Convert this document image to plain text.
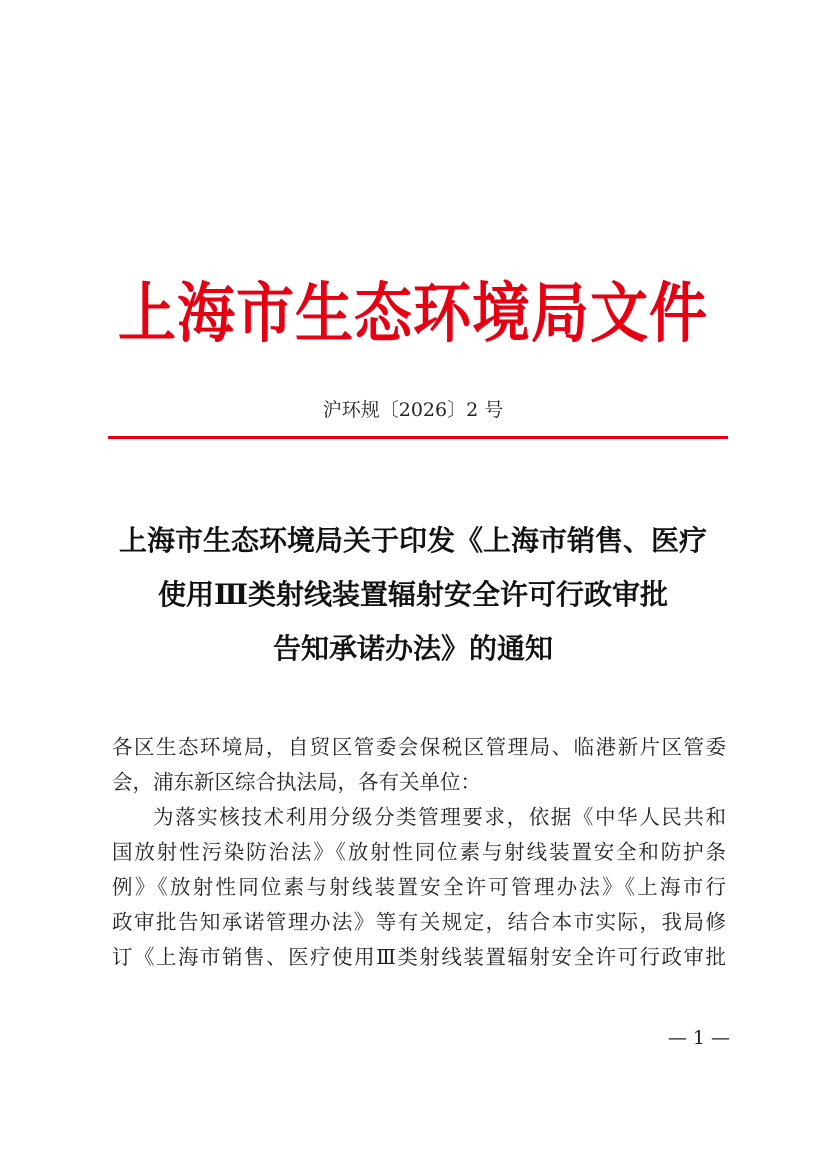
上海市生态环境局文件
沪环规〔2026〕2 号
上海市生态环境局关于印发《上海市销售、医疗
使用Ⅲ类射线装置辐射安全许可行政审批
告知承诺办法》的通知
各区生态环境局，自贸区管委会保税区管理局、临港新片区管委
会，浦东新区综合执法局，各有关单位：
为落实核技术利用分级分类管理要求，依据《中华人民共和
国放射性污染防治法》《放射性同位素与射线装置安全和防护条
例》《放射性同位素与射线装置安全许可管理办法》《上海市行
政审批告知承诺管理办法》等有关规定，结合本市实际，我局修
订《上海市销售、医疗使用Ⅲ类射线装置辐射安全许可行政审批
— 1 —
